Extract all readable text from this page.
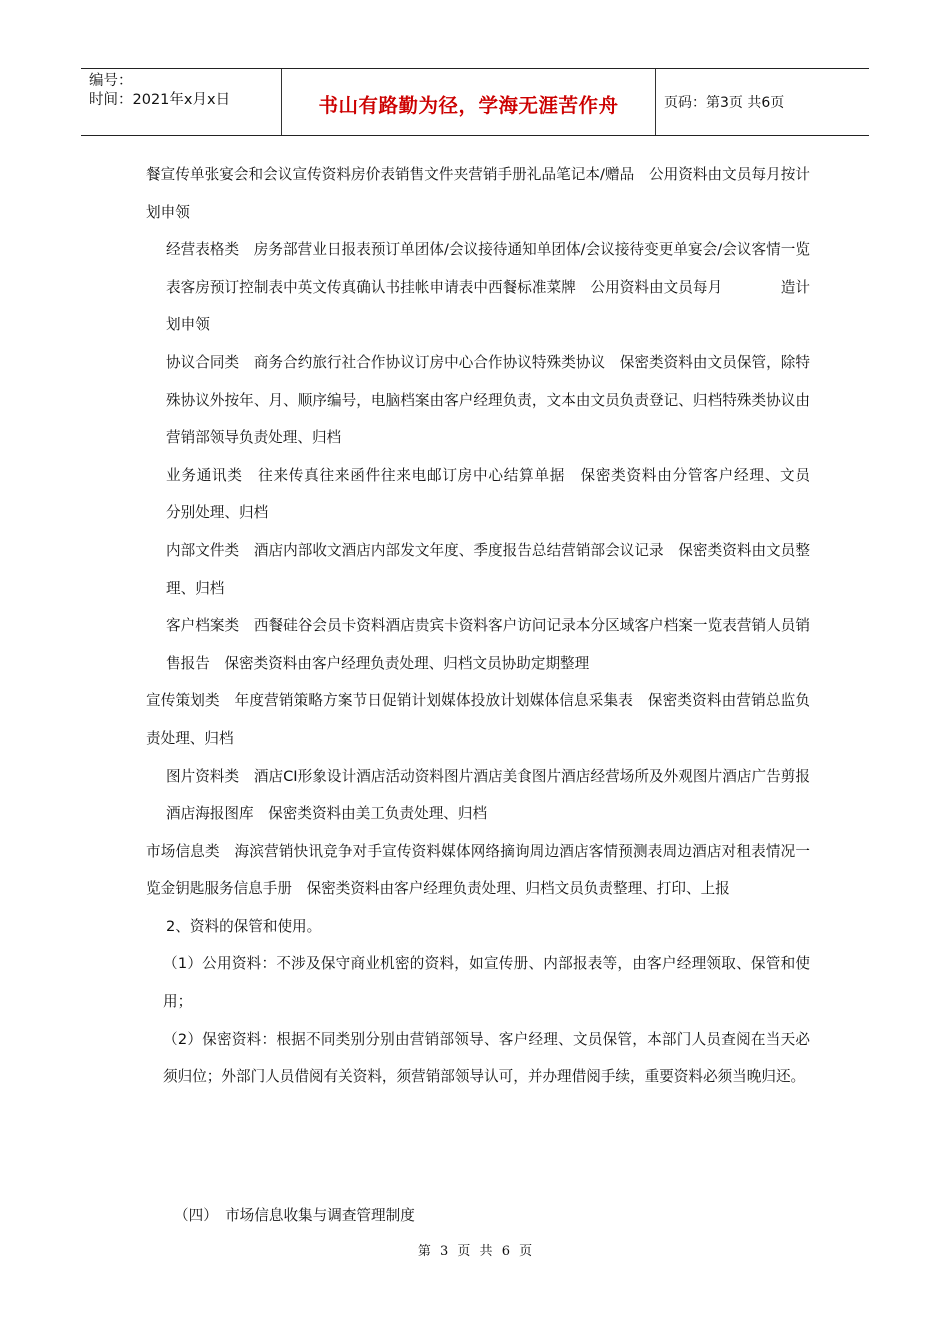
编号：
时间：2021年x月x日	书山有路勤为径，学海无涯苦作舟	页码：第3页 共6页

餐宣传单张宴会和会议宣传资料房价表销售文件夹营销手册礼品笔记本/赠品　公用资料由文员每月按计划申领

经营表格类　房务部营业日报表预订单团体/会议接待通知单团体/会议接待变更单宴会/会议客情一览表客房预订控制表中英文传真确认书挂帐申请表中西餐标准菜牌　公用资料由文员每月　　　　造计划申领

协议合同类　商务合约旅行社合作协议订房中心合作协议特殊类协议　保密类资料由文员保管，除特殊协议外按年、月、顺序编号，电脑档案由客户经理负责，文本由文员负责登记、归档特殊类协议由营销部领导负责处理、归档

业务通讯类　往来传真往来函件往来电邮订房中心结算单据　保密类资料由分管客户经理、文员　　　　分别处理、归档

内部文件类　酒店内部收文酒店内部发文年度、季度报告总结营销部会议记录　保密类资料由文员整理、归档

客户档案类　西餐硅谷会员卡资料酒店贵宾卡资料客户访问记录本分区域客户档案一览表营销人员销售报告　保密类资料由客户经理负责处理、归档文员协助定期整理

宣传策划类　年度营销策略方案节日促销计划媒体投放计划媒体信息采集表　保密类资料由营销总监负责处理、归档

图片资料类　酒店CI形象设计酒店活动资料图片酒店美食图片酒店经营场所及外观图片酒店广告剪报酒店海报图库　保密类资料由美工负责处理、归档

市场信息类　海滨营销快讯竞争对手宣传资料媒体网络摘询周边酒店客情预测表周边酒店对租表情况一览金钥匙服务信息手册　保密类资料由客户经理负责处理、归档文员负责整理、打印、上报

2、资料的保管和使用。

（1）公用资料：不涉及保守商业机密的资料，如宣传册、内部报表等，由客户经理领取、保管和使用；

（2）保密资料：根据不同类别分别由营销部领导、客户经理、文员保管，本部门人员查阅在当天必须归位；外部门人员借阅有关资料，须营销部领导认可，并办理借阅手续，重要资料必须当晚归还。

（四）　市场信息收集与调查管理制度
第 3 页 共 6 页
